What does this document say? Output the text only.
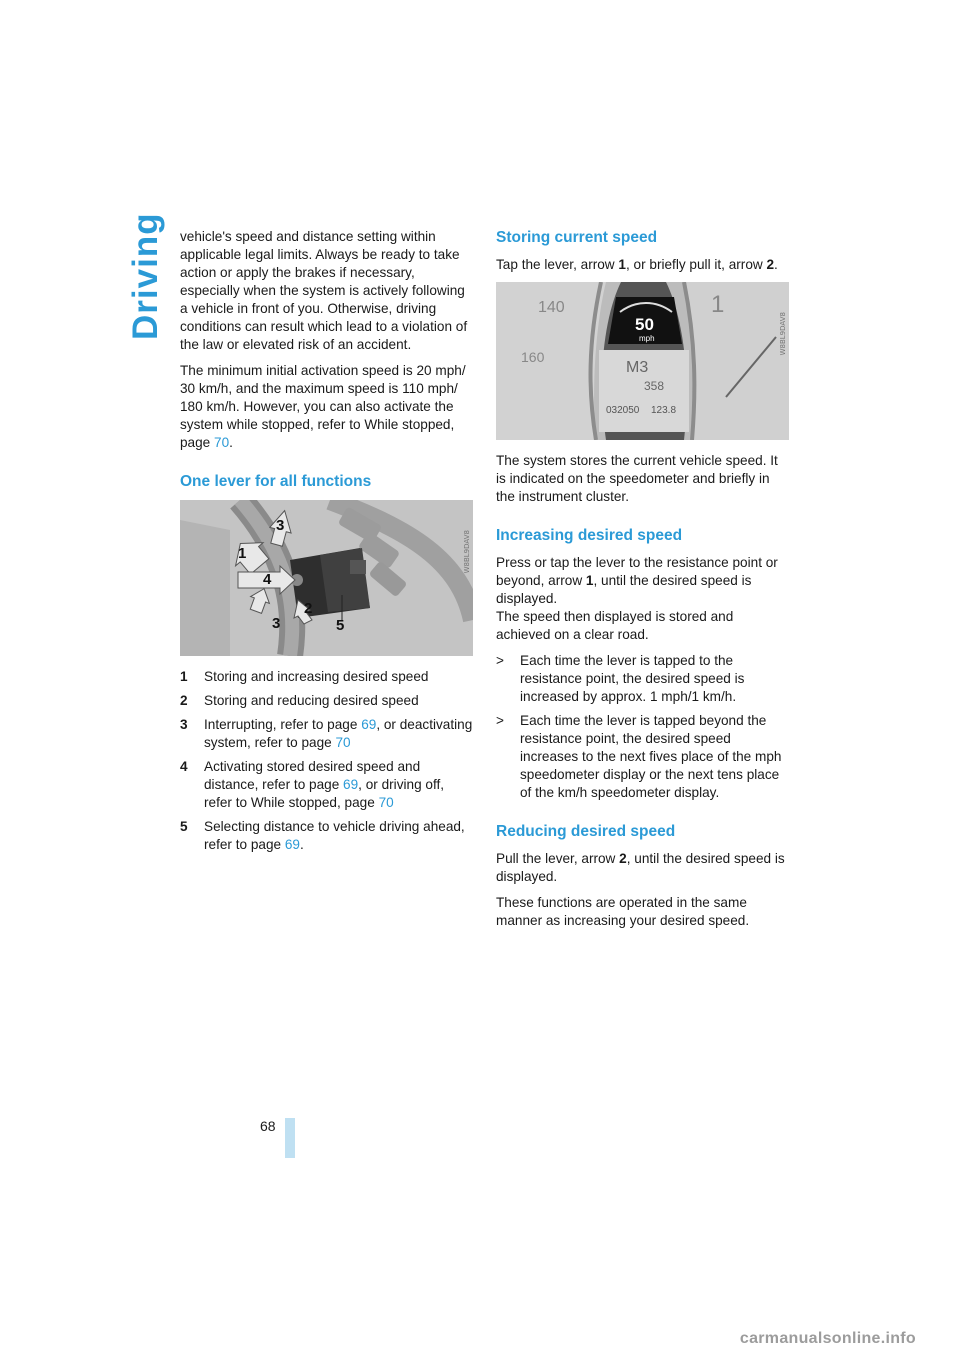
Driving vehicle's speed and distance setting within applicable legal limits. Always be ready to take action or apply the brakes if necessary, especially when the system is actively following a vehicle in front of you. Otherwise, driving conditions can result which lead to a violation of the law or elevated risk of an accident.

The minimum initial activation speed is 20 mph/ 30 km/h, and the maximum speed is 110 mph/ 180 km/h. However, you can also activate the system while stopped, refer to While stopped, page 70.

One lever for all functions
1
2
3
3
4
5
W8BL9DAV8
1	Storing and increasing desired speed
2	Storing and reducing desired speed
3	Interrupting, refer to page 69, or deactivating system, refer to page 70
4	Activating stored desired speed and distance, refer to page 69, or driving off, refer to While stopped, page 70
5	Selecting distance to vehicle driving ahead, refer to page 69.
Storing current speed

Tap the lever, arrow 1, or briefly pull it, arrow 2.

50
mph
M3
358
032050 123.8
140
160
1
W8BL9DAV8

The system stores the current vehicle speed. It is indicated on the speedometer and briefly in the instrument cluster.

Increasing desired speed

Press or tap the lever to the resistance point or beyond, arrow 1, until the desired speed is displayed.

The speed then displayed is stored and achieved on a clear road.

>	Each time the lever is tapped to the resistance point, the desired speed is increased by approx. 1 mph/1 km/h.
>	Each time the lever is tapped beyond the resistance point, the desired speed increases to the next fives place of the mph speedometer display or the next tens place of the km/h speedometer display.
Reducing desired speed

Pull the lever, arrow 2, until the desired speed is displayed.

These functions are operated in the same manner as increasing your desired speed.

68
carmanualsonline.info
